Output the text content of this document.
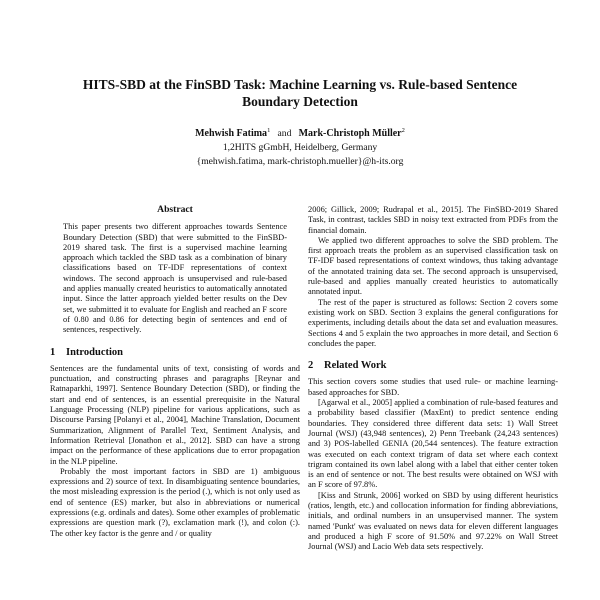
HITS-SBD at the FinSBD Task: Machine Learning vs. Rule-based Sentence
Boundary Detection
Mehwish Fatima$^1$ and Mark-Christoph Müller$^2$
1,2HITS gGmbH, Heidelberg, Germany
{mehwish.fatima, mark-christoph.mueller}@h-its.org
Abstract

This paper presents two different approaches towards Sentence Boundary Detection (SBD) that were submitted to the FinSBD-2019 shared task. The first is a supervised machine learning approach which tackled the SBD task as a combination of binary classifications based on TF-IDF representations of context windows. The second approach is unsupervised and rule-based and applies manually created heuristics to automatically annotated input. Since the latter approach yielded better results on the Dev set, we submitted it to evaluate for English and reached an F score of 0.80 and 0.86 for detecting begin of sentences and end of sentences, respectively.

1 Introduction

Sentences are the fundamental units of text, consisting of words and punctuation, and constructing phrases and paragraphs [Reynar and Ratnaparkhi, 1997]. Sentence Boundary Detection (SBD), or finding the start and end of sentences, is an essential prerequisite in the Natural Language Processing (NLP) pipeline for various applications, such as Discourse Parsing [Polanyi et al., 2004], Machine Translation, Document Summarization, Alignment of Parallel Text, Sentiment Analysis, and Information Retrieval [Jonathon et al., 2012]. SBD can have a strong impact on the performance of these applications due to error propagation in the NLP pipeline.

Probably the most important factors in SBD are 1) ambiguous expressions and 2) source of text. In disambiguating sentence boundaries, the most misleading expression is the period (.), which is not only used as end of sentence (ES) marker, but also in abbreviations or numerical expressions (e.g. ordinals and dates). Some other examples of problematic expressions are question mark (?), exclamation mark (!), and colon (:). The other key factor is the genre and / or quality

2006; Gillick, 2009; Rudrapal et al., 2015]. The FinSBD-2019 Shared Task, in contrast, tackles SBD in noisy text extracted from PDFs from the financial domain.

We applied two different approaches to solve the SBD problem. The first approach treats the problem as an supervised classification task on TF-IDF based representations of context windows, thus taking advantage of the annotated training data set. The second approach is unsupervised, rule-based and applies manually created heuristics to automatically annotated input.

The rest of the paper is structured as follows: Section 2 covers some existing work on SBD. Section 3 explains the general configurations for experiments, including details about the data set and evaluation measures. Sections 4 and 5 explain the two approaches in more detail, and Section 6 concludes the paper.

2 Related Work

This section covers some studies that used rule- or machine learning-based approaches for SBD.

[Agarwal et al., 2005] applied a combination of rule-based features and a probability based classifier (MaxEnt) to predict sentence ending boundaries. They considered three different data sets: 1) Wall Street Journal (WSJ) (43,948 sentences), 2) Penn Treebank (24,243 sentences) and 3) POS-labelled GENIA (20,544 sentences). The feature extraction was executed on each context trigram of data set where each context trigram contained its own label along with a label that either center token is an end of sentence or not. The best results were obtained on WSJ with an F score of 97.8%.

[Kiss and Strunk, 2006] worked on SBD by using different heuristics (ratios, length, etc.) and collocation information for finding abbreviations, initials, and ordinal numbers in an unsupervised manner. The system named 'Punkt' was evaluated on news data for eleven different languages and produced a high F score of 91.50% and 97.22% on Wall Street Journal (WSJ) and Lacio Web data sets respectively.
